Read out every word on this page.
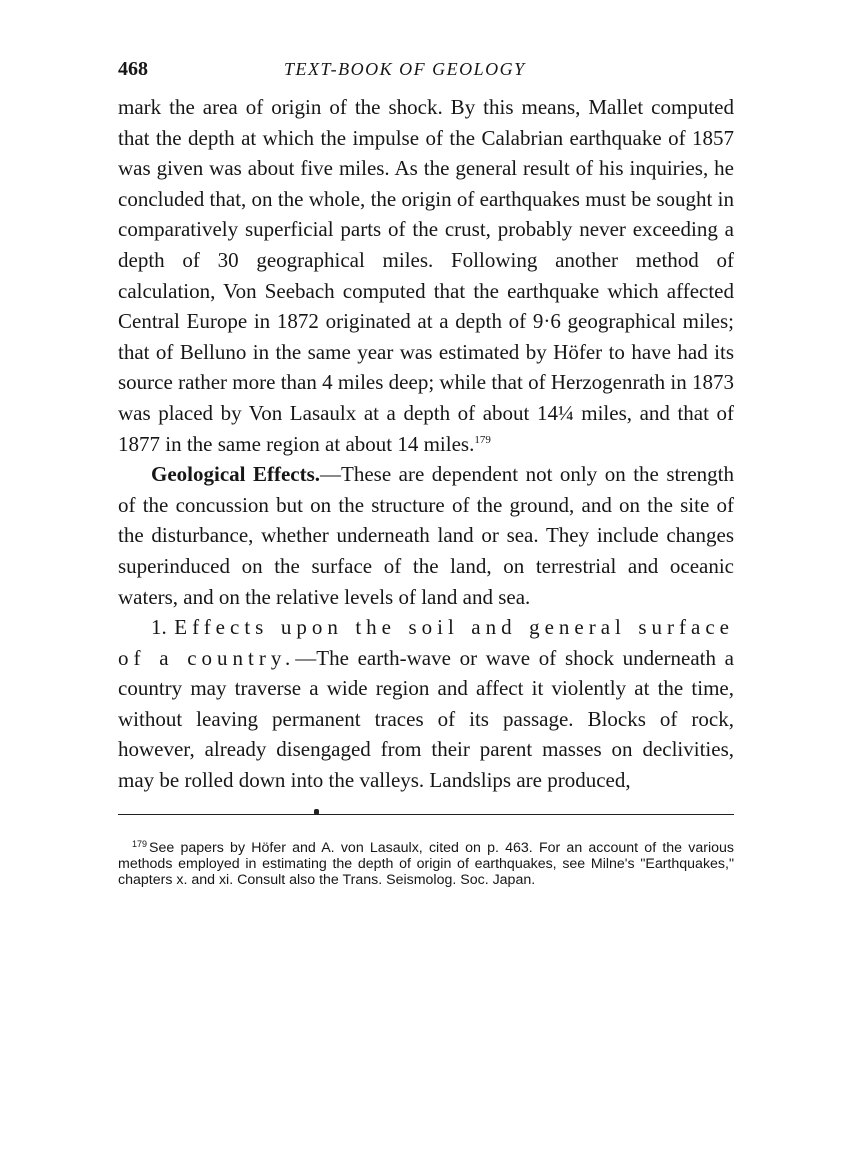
468	TEXT-BOOK OF GEOLOGY

mark the area of origin of the shock. By this means, Mallet computed that the depth at which the impulse of the Calabrian earthquake of 1857 was given was about five miles. As the general result of his inquiries, he concluded that, on the whole, the origin of earthquakes must be sought in comparatively superficial parts of the crust, probably never exceeding a depth of 30 geographical miles. Following another method of calculation, Von Seebach computed that the earthquake which affected Central Europe in 1872 originated at a depth of 9·6 geographical miles; that of Belluno in the same year was estimated by Höfer to have had its source rather more than 4 miles deep; while that of Herzogenrath in 1873 was placed by Von Lasaulx at a depth of about 14¼ miles, and that of 1877 in the same region at about 14 miles.$^{179}$

Geological Effects.—These are dependent not only on the strength of the concussion but on the structure of the ground, and on the site of the disturbance, whether underneath land or sea. They include changes superinduced on the surface of the land, on terrestrial and oceanic waters, and on the relative levels of land and sea.

1. Effects upon the soil and general surface of a country.—The earth-wave or wave of shock underneath a country may traverse a wide region and affect it violently at the time, without leaving permanent traces of its passage. Blocks of rock, however, already disengaged from their parent masses on declivities, may be rolled down into the valleys. Landslips are produced,

$^{179}$ See papers by Höfer and A. von Lasaulx, cited on p. 463. For an account of the various methods employed in estimating the depth of origin of earthquakes, see Milne's "Earthquakes," chapters x. and xi. Consult also the Trans. Seismolog. Soc. Japan.
